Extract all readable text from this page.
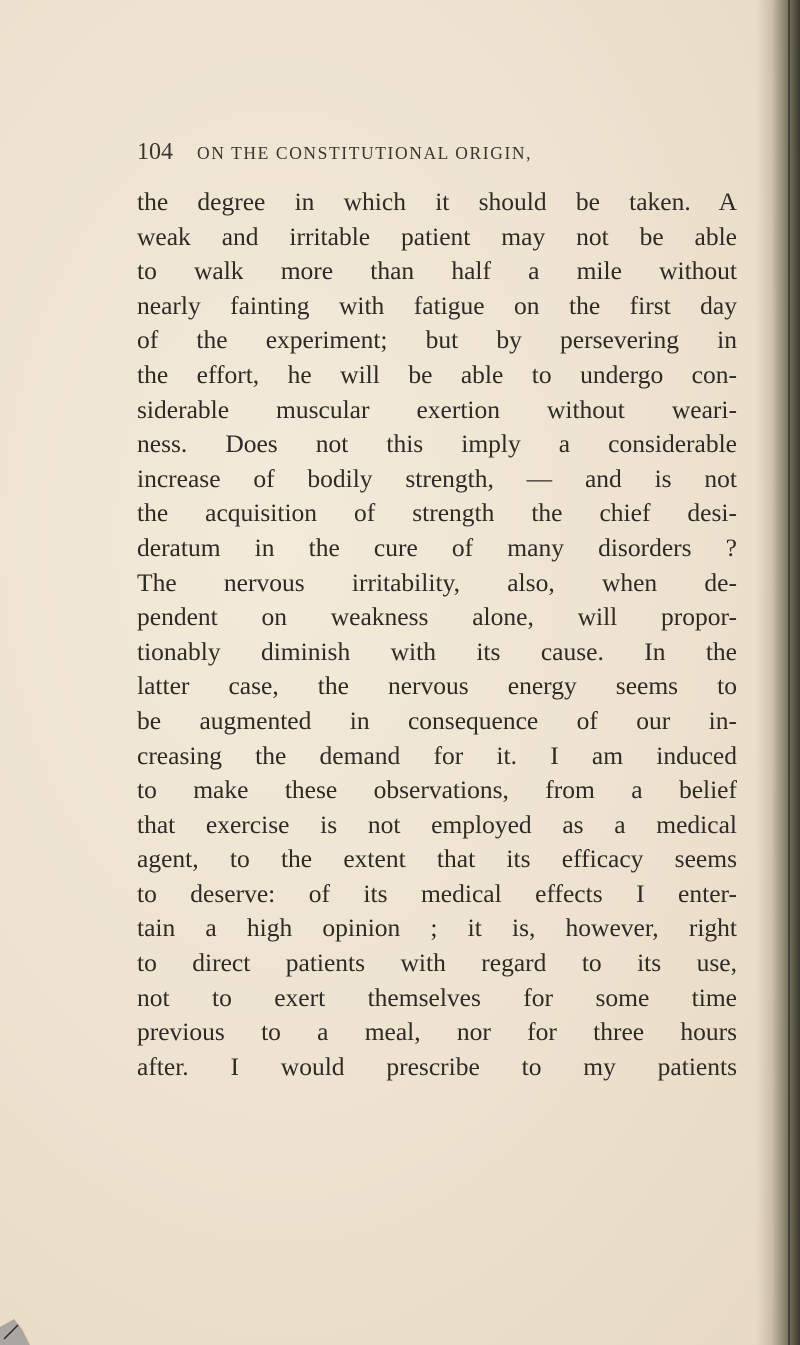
104 ON THE CONSTITUTIONAL ORIGIN,
the degree in which it should be taken. A
weak and irritable patient may not be able
to walk more than half a mile without
nearly fainting with fatigue on the first day
of the experiment; but by persevering in
the effort, he will be able to undergo con-
siderable muscular exertion without weari-
ness. Does not this imply a considerable
increase of bodily strength, — and is not
the acquisition of strength the chief desi-
deratum in the cure of many disorders ?
The nervous irritability, also, when de-
pendent on weakness alone, will propor-
tionably diminish with its cause. In the
latter case, the nervous energy seems to
be augmented in consequence of our in-
creasing the demand for it. I am induced
to make these observations, from a belief
that exercise is not employed as a medical
agent, to the extent that its efficacy seems
to deserve: of its medical effects I enter-
tain a high opinion ; it is, however, right
to direct patients with regard to its use,
not to exert themselves for some time
previous to a meal, nor for three hours
after. I would prescribe to my patients
